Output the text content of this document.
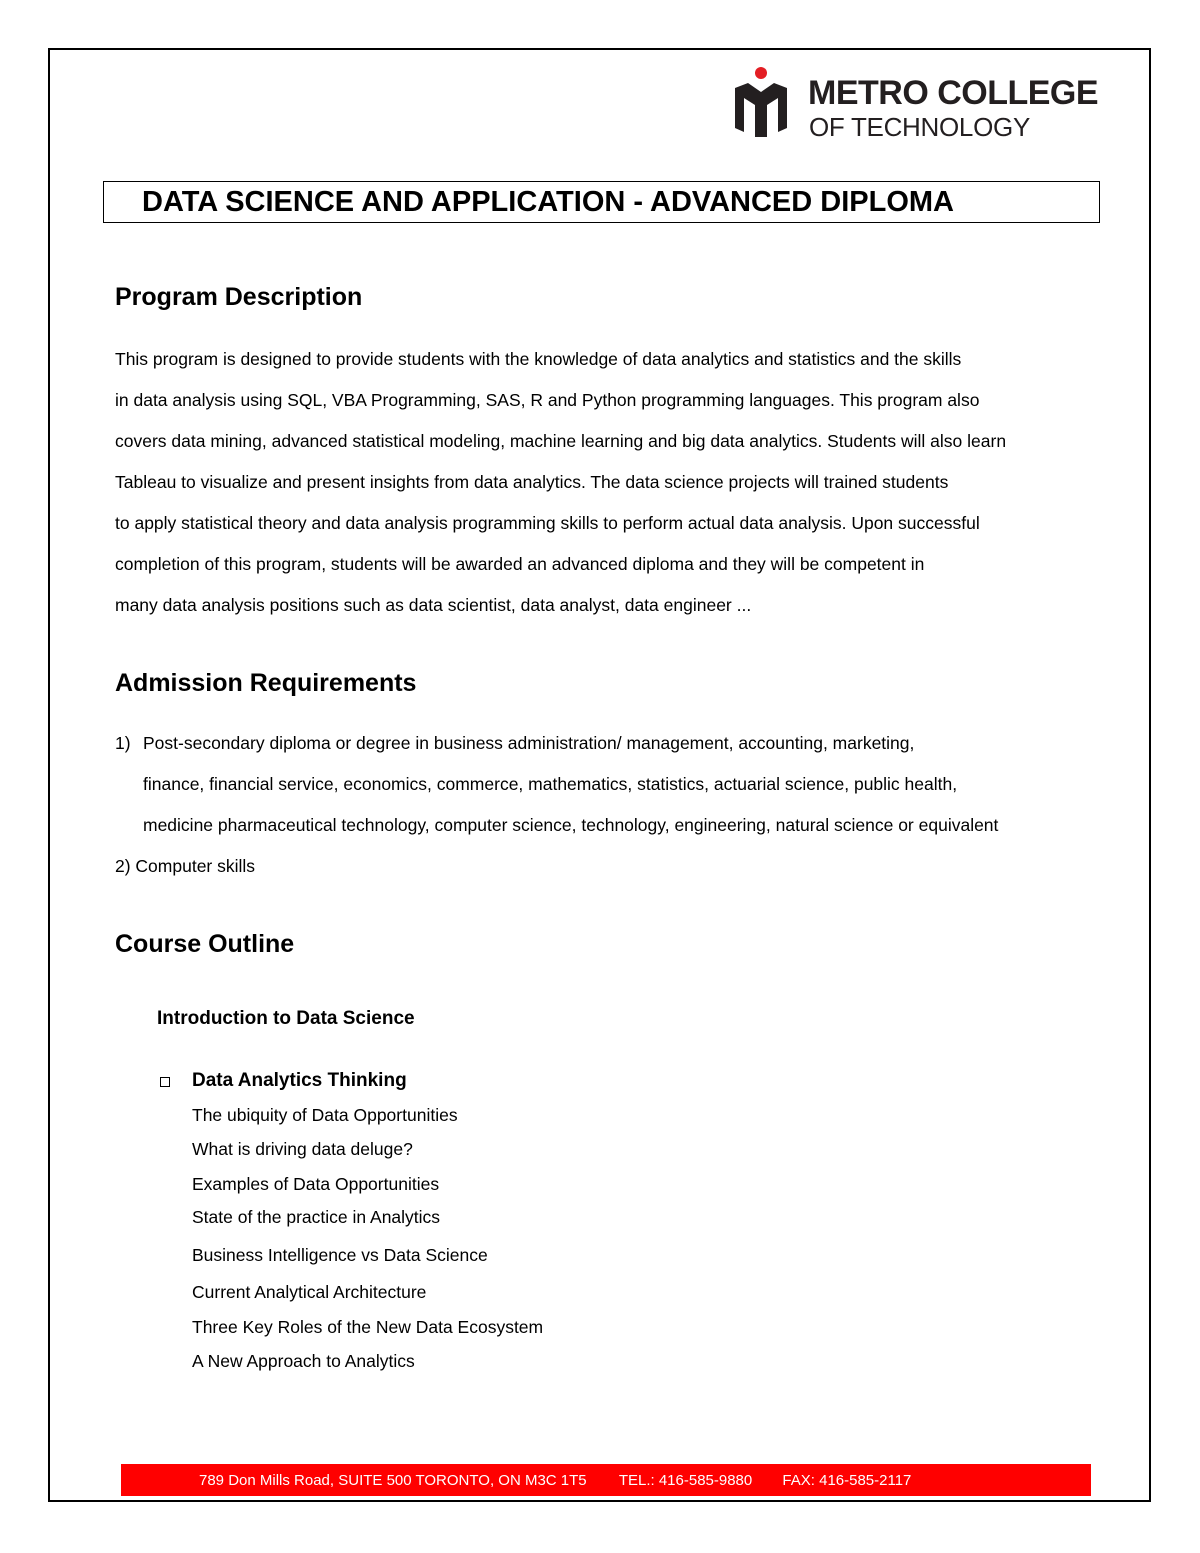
METRO COLLEGE
OF TECHNOLOGY
DATA SCIENCE AND APPLICATION - ADVANCED DIPLOMA
Program Description
This program is designed to provide students with the knowledge of data analytics and statistics and the skills
in data analysis using SQL, VBA Programming, SAS, R and Python programming languages. This program also
covers data mining, advanced statistical modeling, machine learning and big data analytics. Students will also learn
Tableau to visualize and present insights from data analytics. The data science projects will trained students
to apply statistical theory and data analysis programming skills to perform actual data analysis. Upon successful
completion of this program, students will be awarded an advanced diploma and they will be competent in
many data analysis positions such as data scientist, data analyst, data engineer ...
Admission Requirements
1) Post-secondary diploma or degree in business administration/ management, accounting, marketing,
finance, financial service, economics, commerce, mathematics, statistics, actuarial science, public health,
medicine pharmaceutical technology, computer science, technology, engineering, natural science or equivalent
2) Computer skills
Course Outline
Introduction to Data Science
Data Analytics Thinking
The ubiquity of Data Opportunities
What is driving data deluge?
Examples of Data Opportunities
State of the practice in Analytics
Business Intelligence vs Data Science
Current Analytical Architecture
Three Key Roles of the New Data Ecosystem
A New Approach to Analytics
789 Don Mills Road, SUITE 500 TORONTO, ON M3C 1T5 TEL.: 416-585-9880 FAX: 416-585-2117
